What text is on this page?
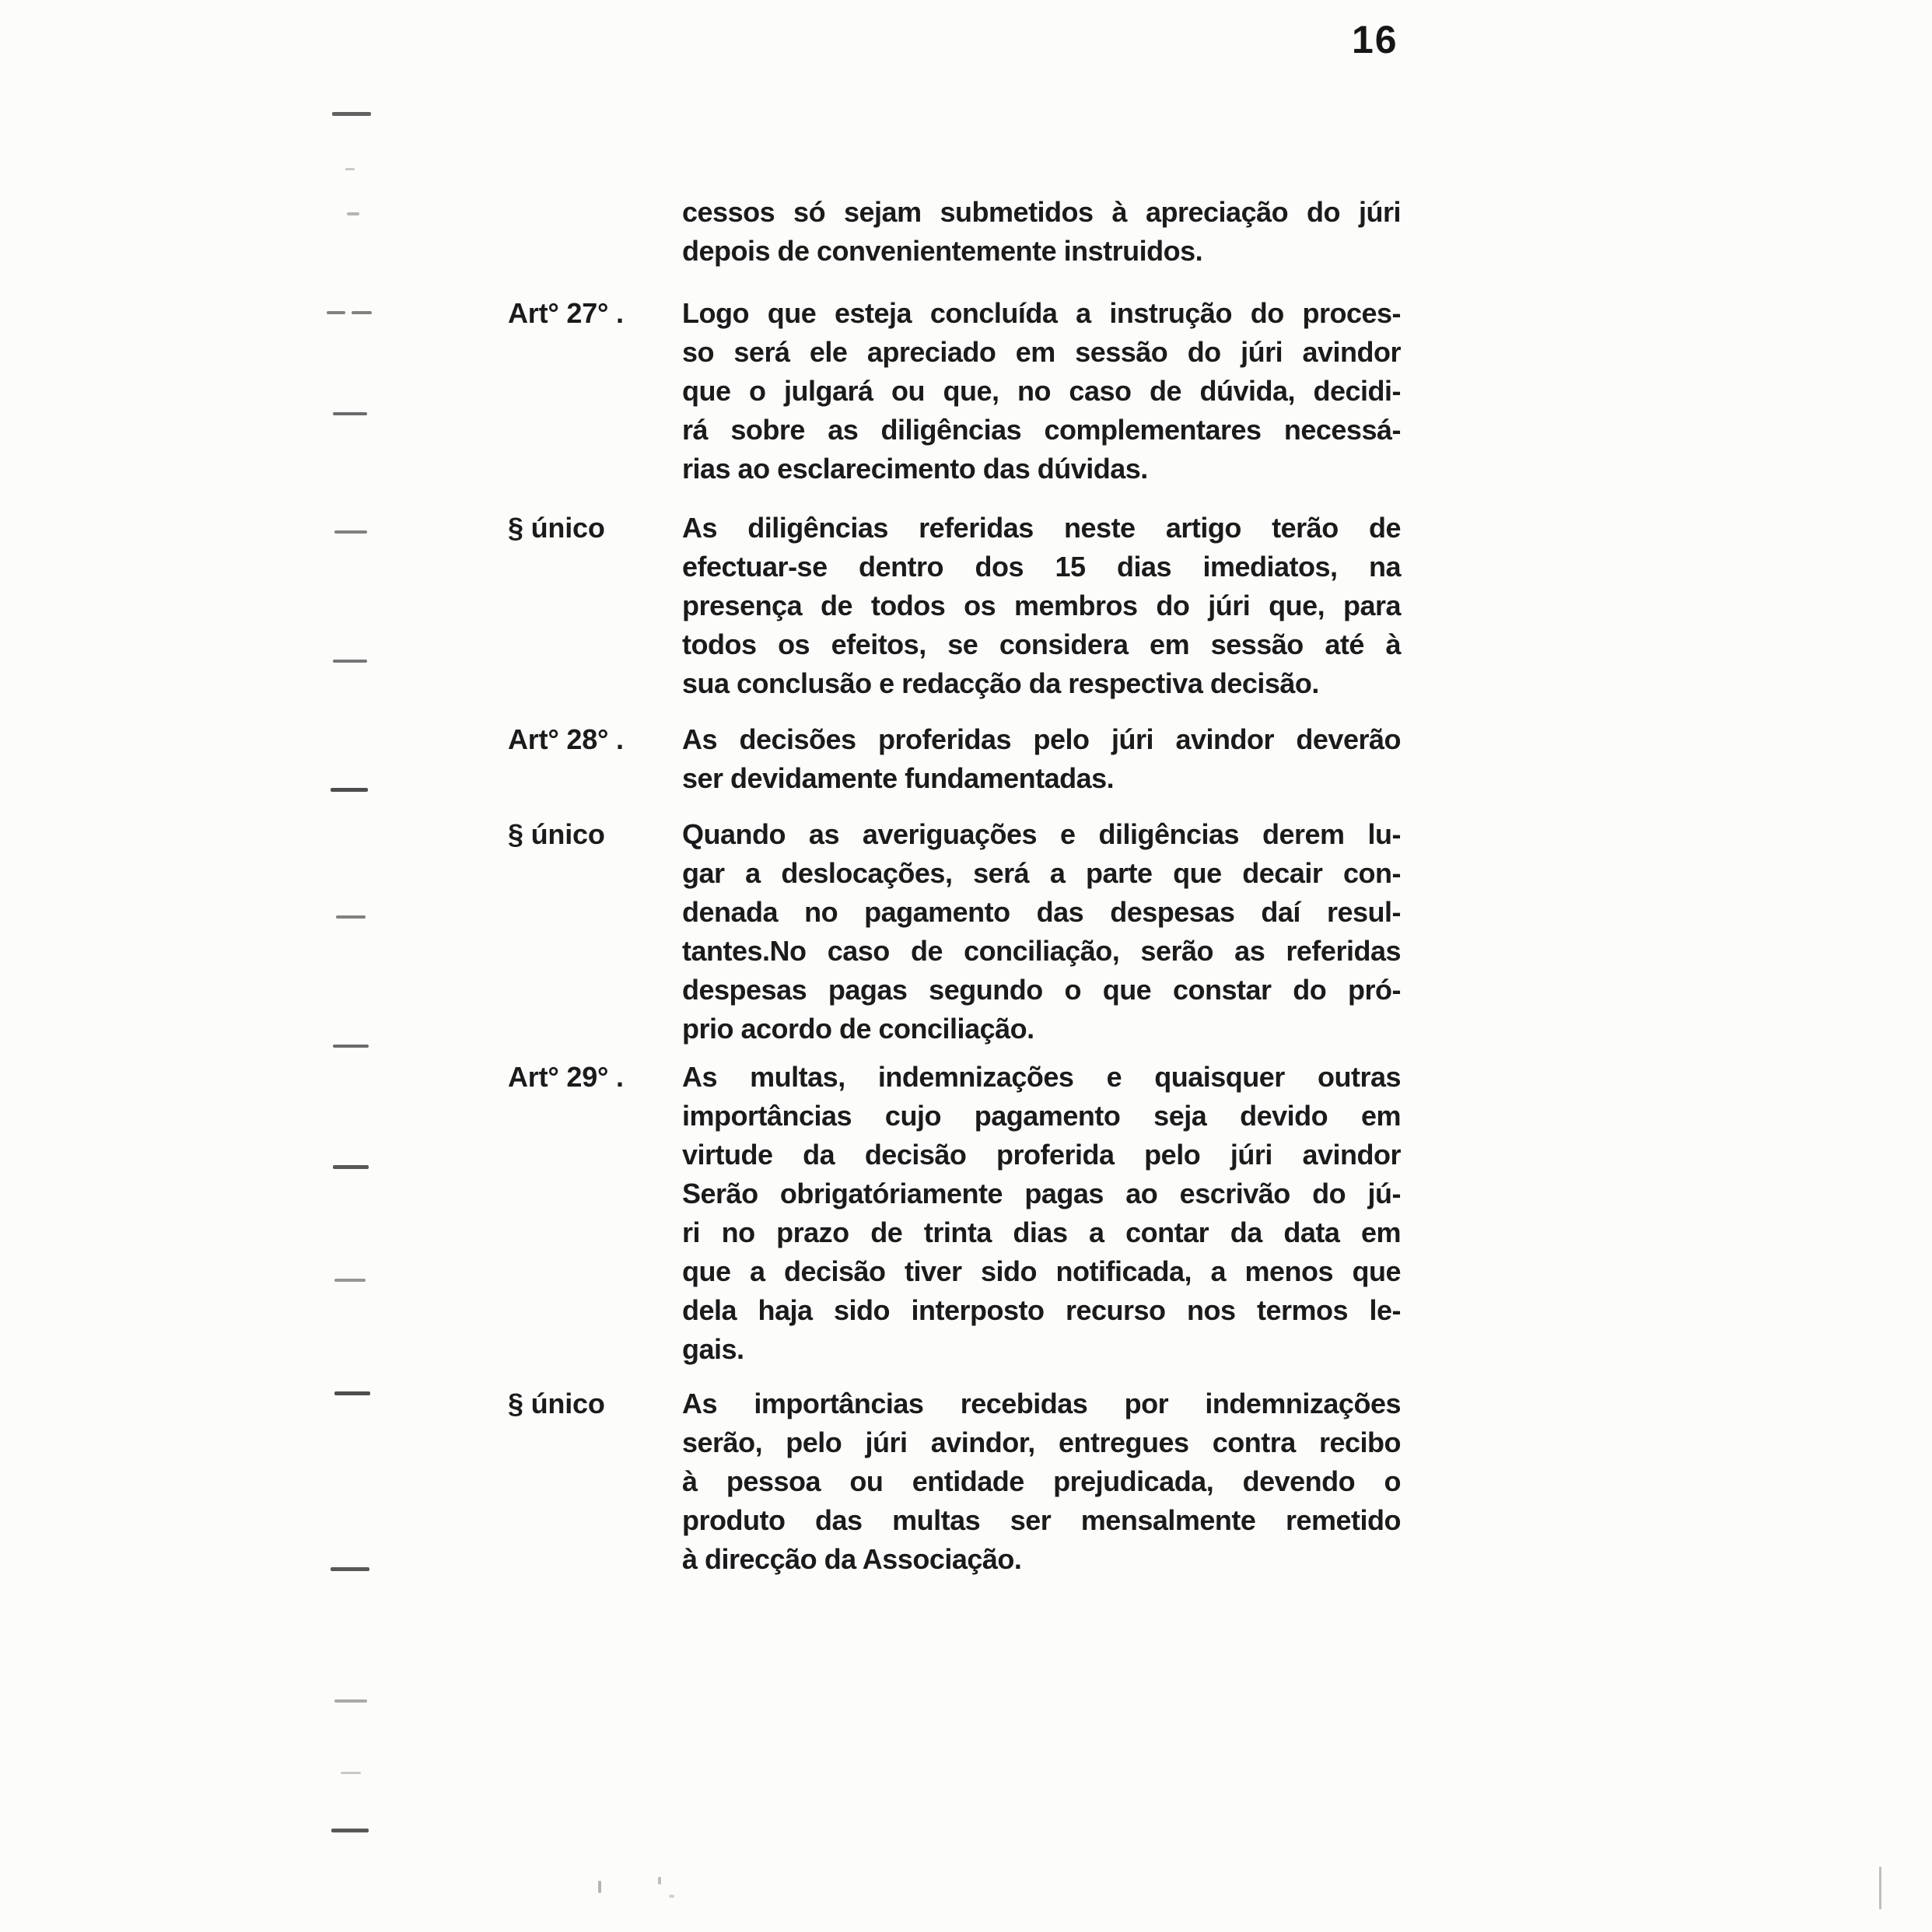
16
cessos só sejam submetidos à apreciação do júri
depois de convenientemente instruidos.
Art° 27° .	Logo que esteja concluída a instrução do proces-
so será ele apreciado em sessão do júri avindor
que o julgará ou que, no caso de dúvida, decidi-
rá sobre as diligências complementares necessá-
rias ao esclarecimento das dúvidas.
§ único	As diligências referidas neste artigo terão de
efectuar-se dentro dos 15 dias imediatos, na
presença de todos os membros do júri que, para
todos os efeitos, se considera em sessão até à
sua conclusão e redacção da respectiva decisão.
Art° 28° .	As decisões proferidas pelo júri avindor deverão
ser devidamente fundamentadas.
§ único	Quando as averiguações e diligências derem lu-
gar a deslocações, será a parte que decair con-
denada no pagamento das despesas daí resul-
tantes.No caso de conciliação, serão as referidas
despesas pagas segundo o que constar do pró-
prio acordo de conciliação.
Art° 29° .	As multas, indemnizações e quaisquer outras
importâncias cujo pagamento seja devido em
virtude da decisão proferida pelo júri avindor
Serão obrigatóriamente pagas ao escrivão do jú-
ri no prazo de trinta dias a contar da data em
que a decisão tiver sido notificada, a menos que
dela haja sido interposto recurso nos termos le-
gais.
§ único	As importâncias recebidas por indemnizações
serão, pelo júri avindor, entregues contra recibo
à pessoa ou entidade prejudicada, devendo o
produto das multas ser mensalmente remetido
à direcção da Associação.
